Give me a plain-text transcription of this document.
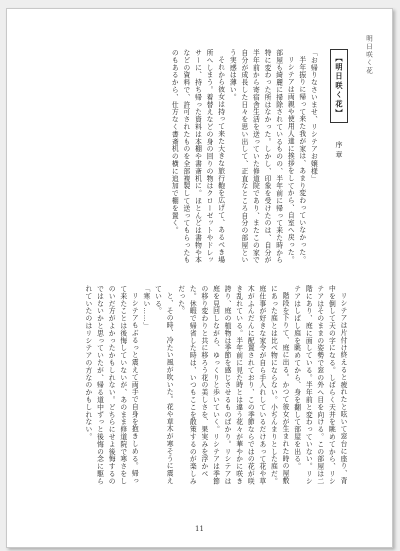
明日咲く花

【明日咲く花】序章

「お帰りなさいませ、リシテアお嬢様」

半年振りに帰って来た我が家は、あまり変わっていなかった。

リシテアは両親や使用人達に挨拶をしてから、自室へ戻った。部屋も綺麗に掃除されているものの、半年前に帰って来た時から特に変わった所はなかった。しかし、印象を受けたのは、自分が半年前から寄宿舎生活を送っていた修道院であり、またこの家で自分が成長した日々を思い出して、正直なところ自分の部屋という実感は薄い。

それから彼女は持って来た大きな旅行鞄を広げて、あるべき場所へしまう。着替えなどの身の回りの物はクローゼットやドレッサーに、持ち帰った資料は本棚や書斎机に。ほとんどは書物や本などの資料で、許可されたものを全部複製して送ってもらったものもあるから、仕方なく書斎机の横に追加で棚を置く。

リシテアは片付け終えると疲れたと呟いて窓台に座り、背中を倒して天の字になる。しばらく天井を眺めてから、リシテアはそのままの姿勢で窓の外へ目を向ける。この部屋は二階にあり、庭に面している。半年前と変わっていない。リシテアはしばし庭を眺めてから、身を翻して部屋を出る。

階段を下りて、庭に出る。かつて彼女が生まれた時の屋敷にあった庭とは比べ物にならない。小ぢんまりとした庭だ。庭仕事が好きな家令が自ら手入れしているだけあって花や草木がふんだんに配置されており、この季節ならではの花が咲き乱れている。半年前に見た時とは違う花々が華やかに咲き誇り、庭の植物は季節を感じさせるものばかり。リシテアは庭を見回しながら、ゆっくりと歩いていく。リシテアは季節の移り変わりと共に移ろう花の美しさを、果実みを浮かべた。休暇で帰省した時は、いつもここを散策するのが楽しみだった。

と、その時、冷たい風が吹いた。花や草木が寒そうに震えている。

「寒い……」

リシテアもぶるっと震えて両手で自身を抱きしめる。帰って来たことは後悔していないが、あのまま修道院で寒さをしのいだ方がよかったかもしれない。どちらにせよ後悔するのではないかと思っていたが、帰る道中ずっと後悔の念に駆られていたのはリシテアの方なのかもしれない。

11
